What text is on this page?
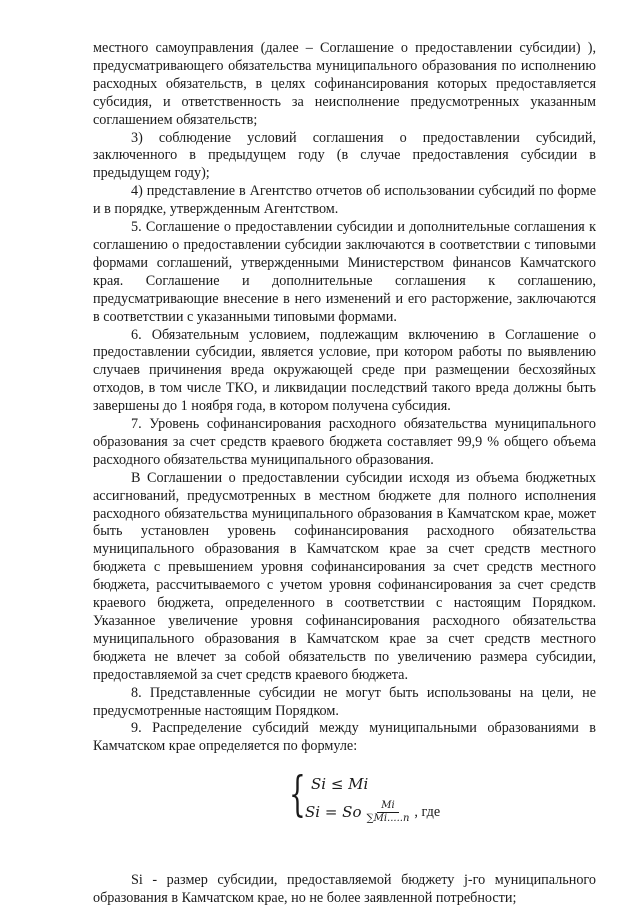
местного самоуправления (далее – Соглашение о предоставлении субсидии) ), предусматривающего обязательства муниципального образования по исполнению расходных обязательств, в целях софинансирования которых предоставляется субсидия, и ответственность за неисполнение предусмотренных указанным соглашением обязательств;

3) соблюдение условий соглашения о предоставлении субсидий, заключенного в предыдущем году (в случае предоставления субсидии в предыдущем году);

4) представление в Агентство отчетов об использовании субсидий по форме и в порядке, утвержденным Агентством.

5. Соглашение о предоставлении субсидии и дополнительные соглашения к соглашению о предоставлении субсидии заключаются в соответствии с типовыми формами соглашений, утвержденными Министерством финансов Камчатского края. Соглашение и дополнительные соглашения к соглашению, предусматривающие внесение в него изменений и его расторжение, заключаются в соответствии с указанными типовыми формами.

6. Обязательным условием, подлежащим включению в Соглашение о предоставлении субсидии, является условие, при котором работы по выявлению случаев причинения вреда окружающей среде при размещении бесхозяйных отходов, в том числе ТКО, и ликвидации последствий такого вреда должны быть завершены до 1 ноября года, в котором получена субсидия.

7. Уровень софинансирования расходного обязательства муниципального образования за счет средств краевого бюджета составляет 99,9 % общего объема расходного обязательства муниципального образования.

В Соглашении о предоставлении субсидии исходя из объема бюджетных ассигнований, предусмотренных в местном бюджете для полного исполнения расходного обязательства муниципального образования в Камчатском крае, может быть установлен уровень софинансирования расходного обязательства муниципального образования в Камчатском крае за счет средств местного бюджета с превышением уровня софинансирования за счет средств местного бюджета, рассчитываемого с учетом уровня софинансирования за счет средств краевого бюджета, определенного в соответствии с настоящим Порядком. Указанное увеличение уровня софинансирования расходного обязательства муниципального образования в Камчатском крае за счет средств местного бюджета не влечет за собой обязательств по увеличению размера субсидии, предоставляемой за счет средств краевого бюджета.

8. Представленные субсидии не могут быть использованы на цели, не предусмотренные настоящим Порядком.

9. Распределение субсидий между муниципальными образованиями в Камчатском крае определяется по формуле:

{ Si ≤ Mi
Si = So $\frac{Mi}{\sum Mi.....n}$ , где

Si - размер субсидии, предоставляемой бюджету j-го муниципального образования в Камчатском крае, но не более заявленной потребности;
